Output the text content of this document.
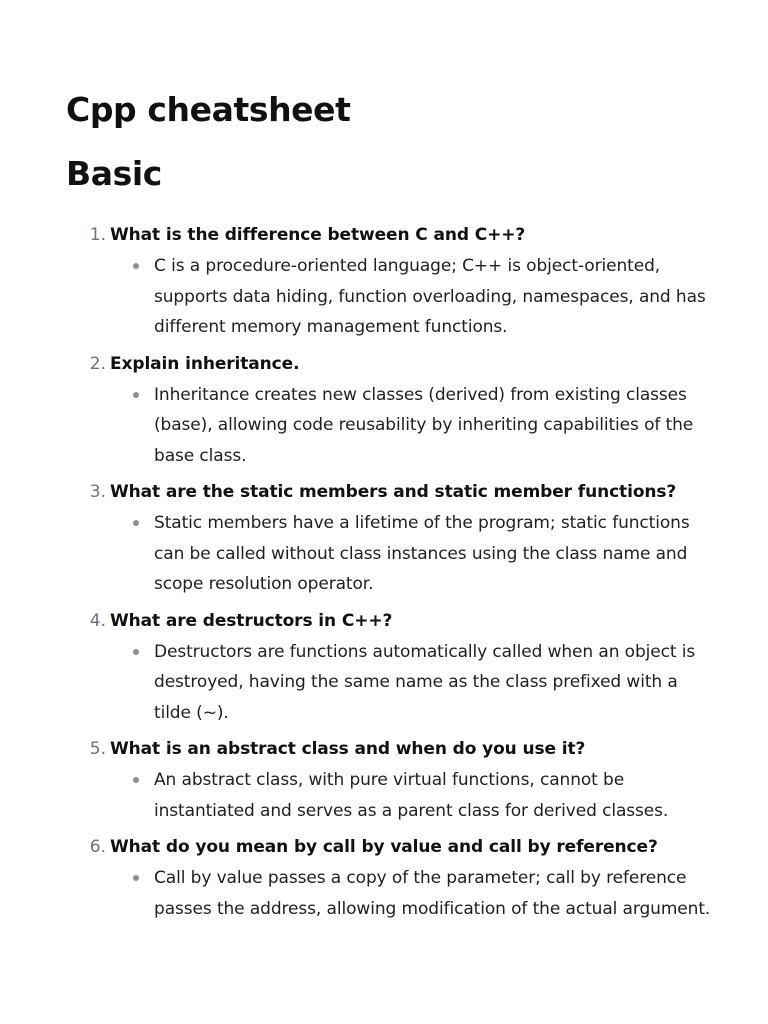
Cpp cheatsheet
Basic
1. What is the difference between C and C++?
C is a procedure-oriented language; C++ is object-oriented, supports data hiding, function overloading, namespaces, and has different memory management functions.
2. Explain inheritance.
Inheritance creates new classes (derived) from existing classes (base), allowing code reusability by inheriting capabilities of the base class.
3. What are the static members and static member functions?
Static members have a lifetime of the program; static functions can be called without class instances using the class name and scope resolution operator.
4. What are destructors in C++?
Destructors are functions automatically called when an object is destroyed, having the same name as the class prefixed with a tilde (~).
5. What is an abstract class and when do you use it?
An abstract class, with pure virtual functions, cannot be instantiated and serves as a parent class for derived classes.
6. What do you mean by call by value and call by reference?
Call by value passes a copy of the parameter; call by reference passes the address, allowing modification of the actual argument.
